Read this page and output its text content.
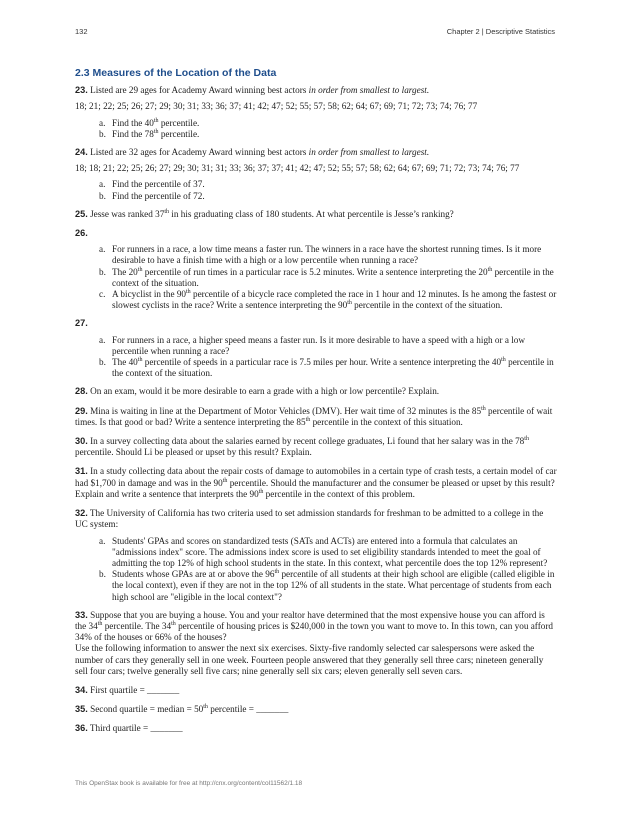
132	Chapter 2 | Descriptive Statistics
2.3 Measures of the Location of the Data
23. Listed are 29 ages for Academy Award winning best actors in order from smallest to largest.
18; 21; 22; 25; 26; 27; 29; 30; 31; 33; 36; 37; 41; 42; 47; 52; 55; 57; 58; 62; 64; 67; 69; 71; 72; 73; 74; 76; 77
a. Find the 40th percentile.
b. Find the 78th percentile.
24. Listed are 32 ages for Academy Award winning best actors in order from smallest to largest.
18; 18; 21; 22; 25; 26; 27; 29; 30; 31; 31; 33; 36; 37; 37; 41; 42; 47; 52; 55; 57; 58; 62; 64; 67; 69; 71; 72; 73; 74; 76; 77
a. Find the percentile of 37.
b. Find the percentile of 72.
25. Jesse was ranked 37th in his graduating class of 180 students. At what percentile is Jesse’s ranking?
26.
a. For runners in a race, a low time means a faster run. The winners in a race have the shortest running times. Is it more desirable to have a finish time with a high or a low percentile when running a race?
b. The 20th percentile of run times in a particular race is 5.2 minutes. Write a sentence interpreting the 20th percentile in the context of the situation.
c. A bicyclist in the 90th percentile of a bicycle race completed the race in 1 hour and 12 minutes. Is he among the fastest or slowest cyclists in the race? Write a sentence interpreting the 90th percentile in the context of the situation.
27.
a. For runners in a race, a higher speed means a faster run. Is it more desirable to have a speed with a high or a low percentile when running a race?
b. The 40th percentile of speeds in a particular race is 7.5 miles per hour. Write a sentence interpreting the 40th percentile in the context of the situation.
28. On an exam, would it be more desirable to earn a grade with a high or low percentile? Explain.
29. Mina is waiting in line at the Department of Motor Vehicles (DMV). Her wait time of 32 minutes is the 85th percentile of wait times. Is that good or bad? Write a sentence interpreting the 85th percentile in the context of this situation.
30. In a survey collecting data about the salaries earned by recent college graduates, Li found that her salary was in the 78th percentile. Should Li be pleased or upset by this result? Explain.
31. In a study collecting data about the repair costs of damage to automobiles in a certain type of crash tests, a certain model of car had $1,700 in damage and was in the 90th percentile. Should the manufacturer and the consumer be pleased or upset by this result? Explain and write a sentence that interprets the 90th percentile in the context of this problem.
32. The University of California has two criteria used to set admission standards for freshman to be admitted to a college in the UC system:
a. Students' GPAs and scores on standardized tests (SATs and ACTs) are entered into a formula that calculates an "admissions index" score. The admissions index score is used to set eligibility standards intended to meet the goal of admitting the top 12% of high school students in the state. In this context, what percentile does the top 12% represent?
b. Students whose GPAs are at or above the 96th percentile of all students at their high school are eligible (called eligible in the local context), even if they are not in the top 12% of all students in the state. What percentage of students from each high school are "eligible in the local context"?
33. Suppose that you are buying a house. You and your realtor have determined that the most expensive house you can afford is the 34th percentile. The 34th percentile of housing prices is $240,000 in the town you want to move to. In this town, can you afford 34% of the houses or 66% of the houses?
Use the following information to answer the next six exercises. Sixty-five randomly selected car salespersons were asked the number of cars they generally sell in one week. Fourteen people answered that they generally sell three cars; nineteen generally sell four cars; twelve generally sell five cars; nine generally sell six cars; eleven generally sell seven cars.
34. First quartile = _______
35. Second quartile = median = 50th percentile = _______
36. Third quartile = _______
This OpenStax book is available for free at http://cnx.org/content/col11562/1.18
